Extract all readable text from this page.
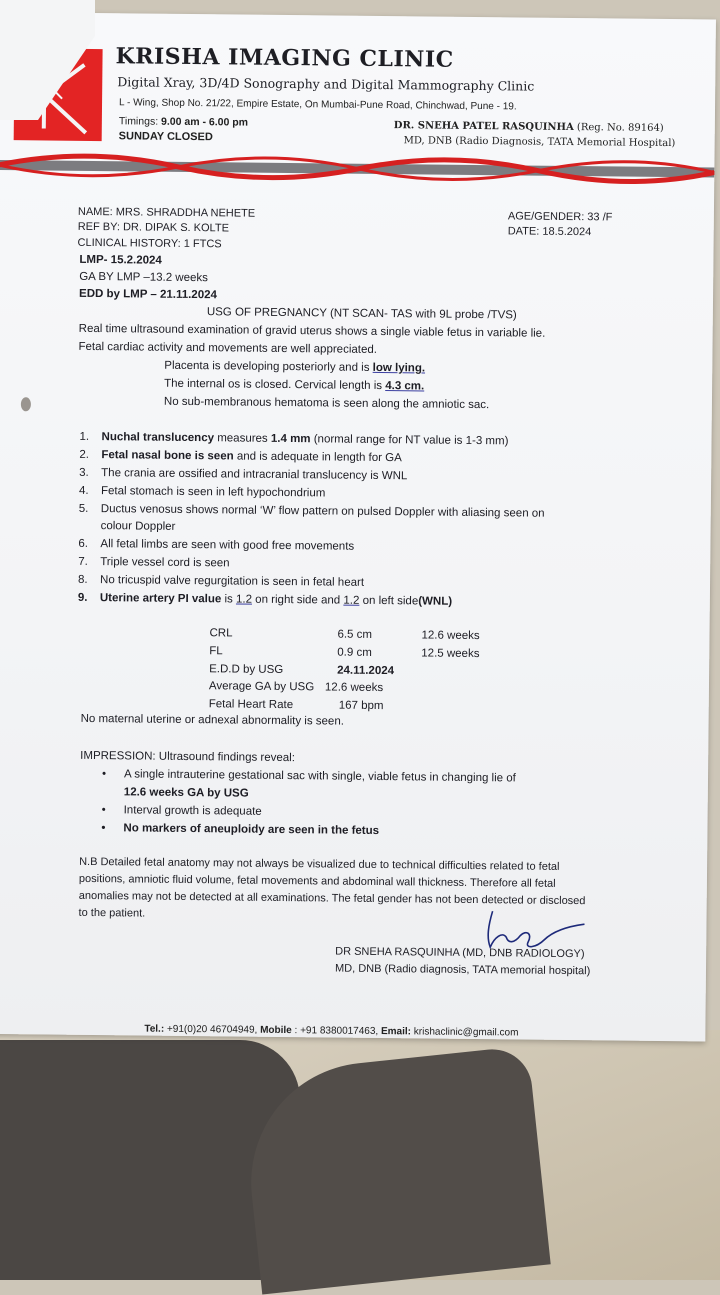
KRISHA IMAGING CLINIC
Digital Xray, 3D/4D Sonography and Digital Mammography Clinic
L - Wing, Shop No. 21/22, Empire Estate, On Mumbai-Pune Road, Chinchwad, Pune - 19.
Timings: 9.00 am - 6.00 pm
SUNDAY CLOSED
DR. SNEHA PATEL RASQUINHA (Reg. No. 89164)
MD, DNB (Radio Diagnosis, TATA Memorial Hospital)
NAME: MRS. SHRADDHA NEHETE
REF BY: DR. DIPAK S. KOLTE
CLINICAL HISTORY: 1 FTCS
AGE/GENDER: 33 /F
DATE: 18.5.2024
LMP- 15.2.2024
GA BY LMP –13.2 weeks
EDD by LMP – 21.11.2024
USG OF PREGNANCY (NT SCAN- TAS with 9L probe /TVS)
Real time ultrasound examination of gravid uterus shows a single viable fetus in variable lie.
Fetal cardiac activity and movements are well appreciated.
Placenta is developing posteriorly and is low lying.
The internal os is closed. Cervical length is 4.3 cm.
No sub-membranous hematoma is seen along the amniotic sac.
1. Nuchal translucency measures 1.4 mm (normal range for NT value is 1-3 mm)
2. Fetal nasal bone is seen and is adequate in length for GA
3. The crania are ossified and intracranial translucency is WNL
4. Fetal stomach is seen in left hypochondrium
5. Ductus venosus shows normal ‘W’ flow pattern on pulsed Doppler with aliasing seen on
colour Doppler
6. All fetal limbs are seen with good free movements
7. Triple vessel cord is seen
8. No tricuspid valve regurgitation is seen in fetal heart
9. Uterine artery PI value is 1.2 on right side and 1.2 on left side(WNL)
CRL	6.5 cm	12.6 weeks
FL	0.9 cm	12.5 weeks
E.D.D by USG	24.11.2024
Average GA by USG 12.6 weeks
Fetal Heart Rate	167 bpm
No maternal uterine or adnexal abnormality is seen.
IMPRESSION: Ultrasound findings reveal:
• A single intrauterine gestational sac with single, viable fetus in changing lie of
12.6 weeks GA by USG
• Interval growth is adequate
• No markers of aneuploidy are seen in the fetus
N.B Detailed fetal anatomy may not always be visualized due to technical difficulties related to fetal
positions, amniotic fluid volume, fetal movements and abdominal wall thickness. Therefore all fetal
anomalies may not be detected at all examinations. The fetal gender has not been detected or disclosed
to the patient.
DR SNEHA RASQUINHA (MD, DNB RADIOLOGY)
MD, DNB (Radio diagnosis, TATA memorial hospital)
Tel.: +91(0)20 46704949, Mobile : +91 8380017463, Email: krishaclinic@gmail.com
